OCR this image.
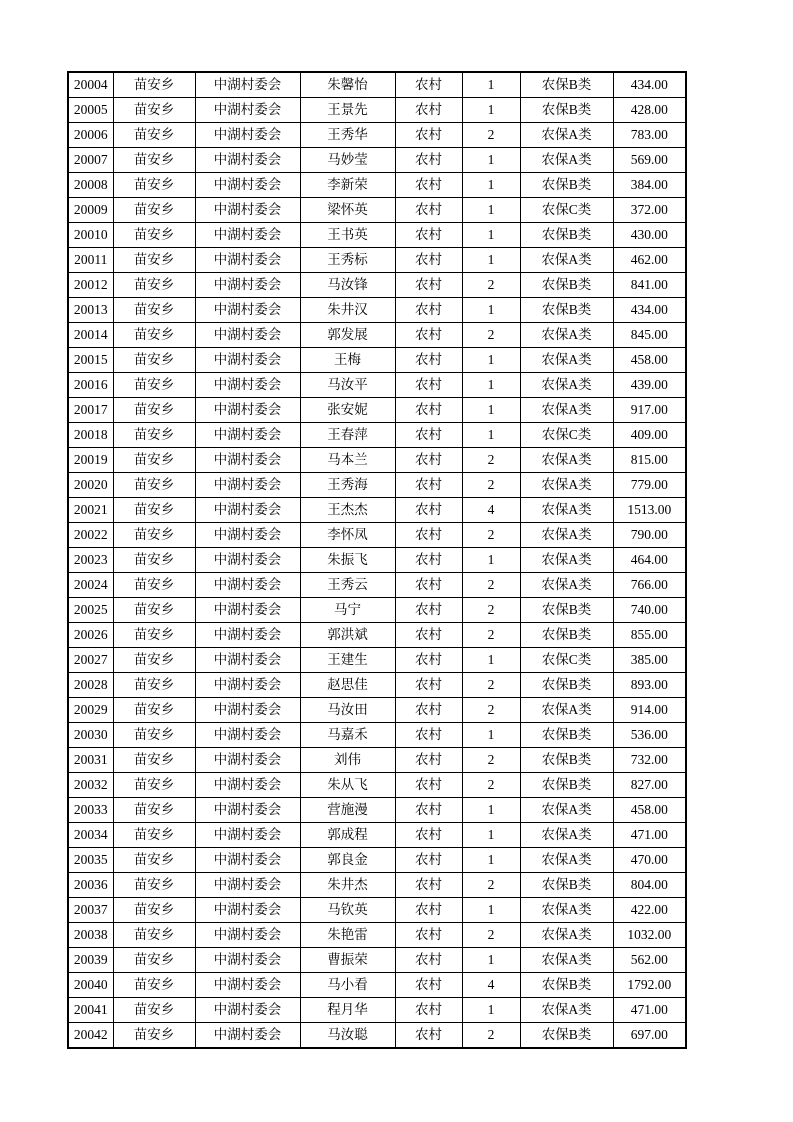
20004	苗安乡	中湖村委会	朱馨怡	农村	1	农保B类	434.00
20005	苗安乡	中湖村委会	王景先	农村	1	农保B类	428.00
20006	苗安乡	中湖村委会	王秀华	农村	2	农保A类	783.00
20007	苗安乡	中湖村委会	马妙莹	农村	1	农保A类	569.00
20008	苗安乡	中湖村委会	李新荣	农村	1	农保B类	384.00
20009	苗安乡	中湖村委会	梁怀英	农村	1	农保C类	372.00
20010	苗安乡	中湖村委会	王书英	农村	1	农保B类	430.00
20011	苗安乡	中湖村委会	王秀标	农村	1	农保A类	462.00
20012	苗安乡	中湖村委会	马汝锋	农村	2	农保B类	841.00
20013	苗安乡	中湖村委会	朱井汉	农村	1	农保B类	434.00
20014	苗安乡	中湖村委会	郭发展	农村	2	农保A类	845.00
20015	苗安乡	中湖村委会	王梅	农村	1	农保A类	458.00
20016	苗安乡	中湖村委会	马汝平	农村	1	农保A类	439.00
20017	苗安乡	中湖村委会	张安妮	农村	1	农保A类	917.00
20018	苗安乡	中湖村委会	王春萍	农村	1	农保C类	409.00
20019	苗安乡	中湖村委会	马本兰	农村	2	农保A类	815.00
20020	苗安乡	中湖村委会	王秀海	农村	2	农保A类	779.00
20021	苗安乡	中湖村委会	王杰杰	农村	4	农保A类	1513.00
20022	苗安乡	中湖村委会	李怀凤	农村	2	农保A类	790.00
20023	苗安乡	中湖村委会	朱振飞	农村	1	农保A类	464.00
20024	苗安乡	中湖村委会	王秀云	农村	2	农保A类	766.00
20025	苗安乡	中湖村委会	马宁	农村	2	农保B类	740.00
20026	苗安乡	中湖村委会	郭洪斌	农村	2	农保B类	855.00
20027	苗安乡	中湖村委会	王建生	农村	1	农保C类	385.00
20028	苗安乡	中湖村委会	赵思佳	农村	2	农保B类	893.00
20029	苗安乡	中湖村委会	马汝田	农村	2	农保A类	914.00
20030	苗安乡	中湖村委会	马嘉禾	农村	1	农保B类	536.00
20031	苗安乡	中湖村委会	刘伟	农村	2	农保B类	732.00
20032	苗安乡	中湖村委会	朱从飞	农村	2	农保B类	827.00
20033	苗安乡	中湖村委会	营施漫	农村	1	农保A类	458.00
20034	苗安乡	中湖村委会	郭成程	农村	1	农保A类	471.00
20035	苗安乡	中湖村委会	郭良金	农村	1	农保A类	470.00
20036	苗安乡	中湖村委会	朱井杰	农村	2	农保B类	804.00
20037	苗安乡	中湖村委会	马钦英	农村	1	农保A类	422.00
20038	苗安乡	中湖村委会	朱艳雷	农村	2	农保A类	1032.00
20039	苗安乡	中湖村委会	曹振荣	农村	1	农保A类	562.00
20040	苗安乡	中湖村委会	马小看	农村	4	农保B类	1792.00
20041	苗安乡	中湖村委会	程月华	农村	1	农保A类	471.00
20042	苗安乡	中湖村委会	马汝聪	农村	2	农保B类	697.00
